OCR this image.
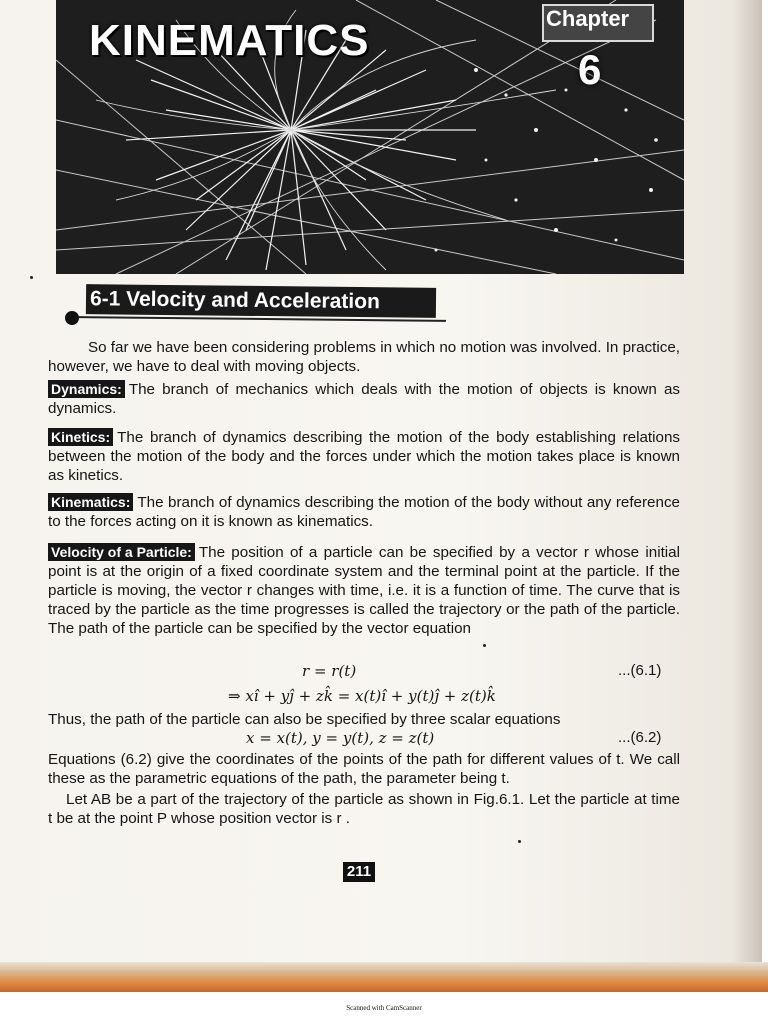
KINEMATICS	Chapter
6
6-1 Velocity and Acceleration

So far we have been considering problems in which no motion was involved. In practice, however, we have to deal with moving objects.

Dynamics: The branch of mechanics which deals with the motion of objects is known as dynamics.

Kinetics: The branch of dynamics describing the motion of the body establishing relations between the motion of the body and the forces under which the motion takes place is known as kinetics.

Kinematics: The branch of dynamics describing the motion of the body without any reference to the forces acting on it is known as kinematics.

Velocity of a Particle: The position of a particle can be specified by a vector r whose initial point is at the origin of a fixed coordinate system and the terminal point at the particle. If the particle is moving, the vector r changes with time, i.e. it is a function of time. The curve that is traced by the particle as the time progresses is called the trajectory or the path of the particle. The path of the particle can be specified by the vector equation

r = r(t)	...(6.1)
⇒ xî + yĵ + zk̂ = x(t)î + y(t)ĵ + z(t)k̂

Thus, the path of the particle can also be specified by three scalar equations

x = x(t), y = y(t), z = z(t)	...(6.2)

Equations (6.2) give the coordinates of the points of the path for different values of t. We call these as the parametric equations of the path, the parameter being t.

Let AB be a part of the trajectory of the particle as shown in Fig.6.1. Let the particle at time t be at the point P whose position vector is r .

211
Scanned with CamScanner
